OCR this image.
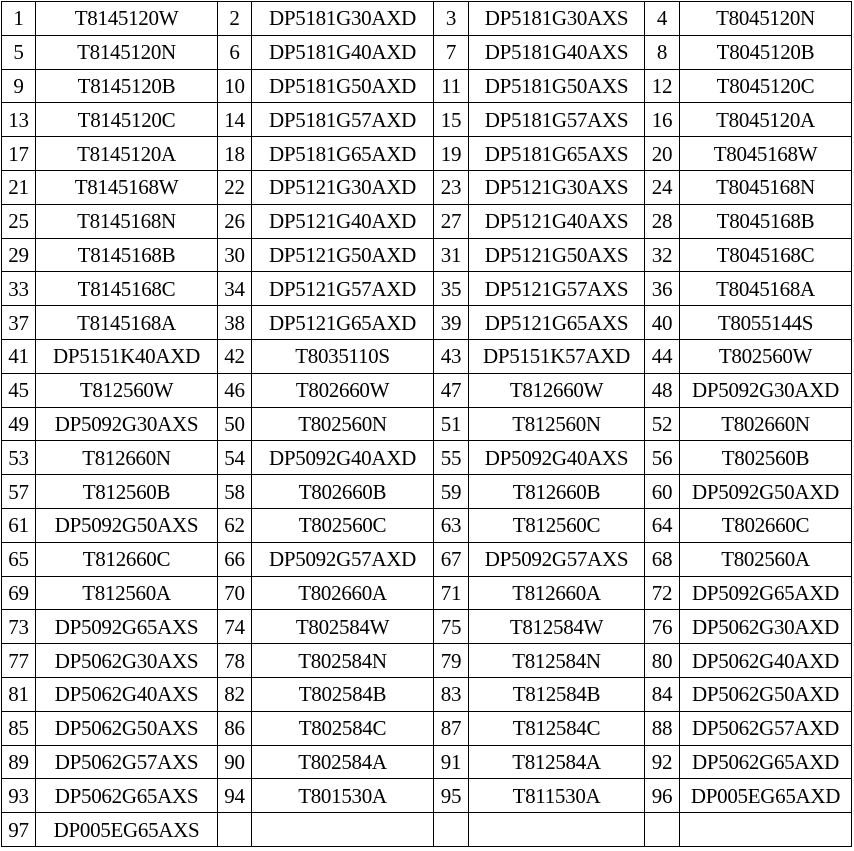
1	T8145120W	2	DP5181G30AXD	3	DP5181G30AXS	4	T8045120N
5	T8145120N	6	DP5181G40AXD	7	DP5181G40AXS	8	T8045120B
9	T8145120B	10	DP5181G50AXD	11	DP5181G50AXS	12	T8045120C
13	T8145120C	14	DP5181G57AXD	15	DP5181G57AXS	16	T8045120A
17	T8145120A	18	DP5181G65AXD	19	DP5181G65AXS	20	T8045168W
21	T8145168W	22	DP5121G30AXD	23	DP5121G30AXS	24	T8045168N
25	T8145168N	26	DP5121G40AXD	27	DP5121G40AXS	28	T8045168B
29	T8145168B	30	DP5121G50AXD	31	DP5121G50AXS	32	T8045168C
33	T8145168C	34	DP5121G57AXD	35	DP5121G57AXS	36	T8045168A
37	T8145168A	38	DP5121G65AXD	39	DP5121G65AXS	40	T8055144S
41	DP5151K40AXD	42	T8035110S	43	DP5151K57AXD	44	T802560W
45	T812560W	46	T802660W	47	T812660W	48	DP5092G30AXD
49	DP5092G30AXS	50	T802560N	51	T812560N	52	T802660N
53	T812660N	54	DP5092G40AXD	55	DP5092G40AXS	56	T802560B
57	T812560B	58	T802660B	59	T812660B	60	DP5092G50AXD
61	DP5092G50AXS	62	T802560C	63	T812560C	64	T802660C
65	T812660C	66	DP5092G57AXD	67	DP5092G57AXS	68	T802560A
69	T812560A	70	T802660A	71	T812660A	72	DP5092G65AXD
73	DP5092G65AXS	74	T802584W	75	T812584W	76	DP5062G30AXD
77	DP5062G30AXS	78	T802584N	79	T812584N	80	DP5062G40AXD
81	DP5062G40AXS	82	T802584B	83	T812584B	84	DP5062G50AXD
85	DP5062G50AXS	86	T802584C	87	T812584C	88	DP5062G57AXD
89	DP5062G57AXS	90	T802584A	91	T812584A	92	DP5062G65AXD
93	DP5062G65AXS	94	T801530A	95	T811530A	96	DP005EG65AXD
97	DP005EG65AXS						
